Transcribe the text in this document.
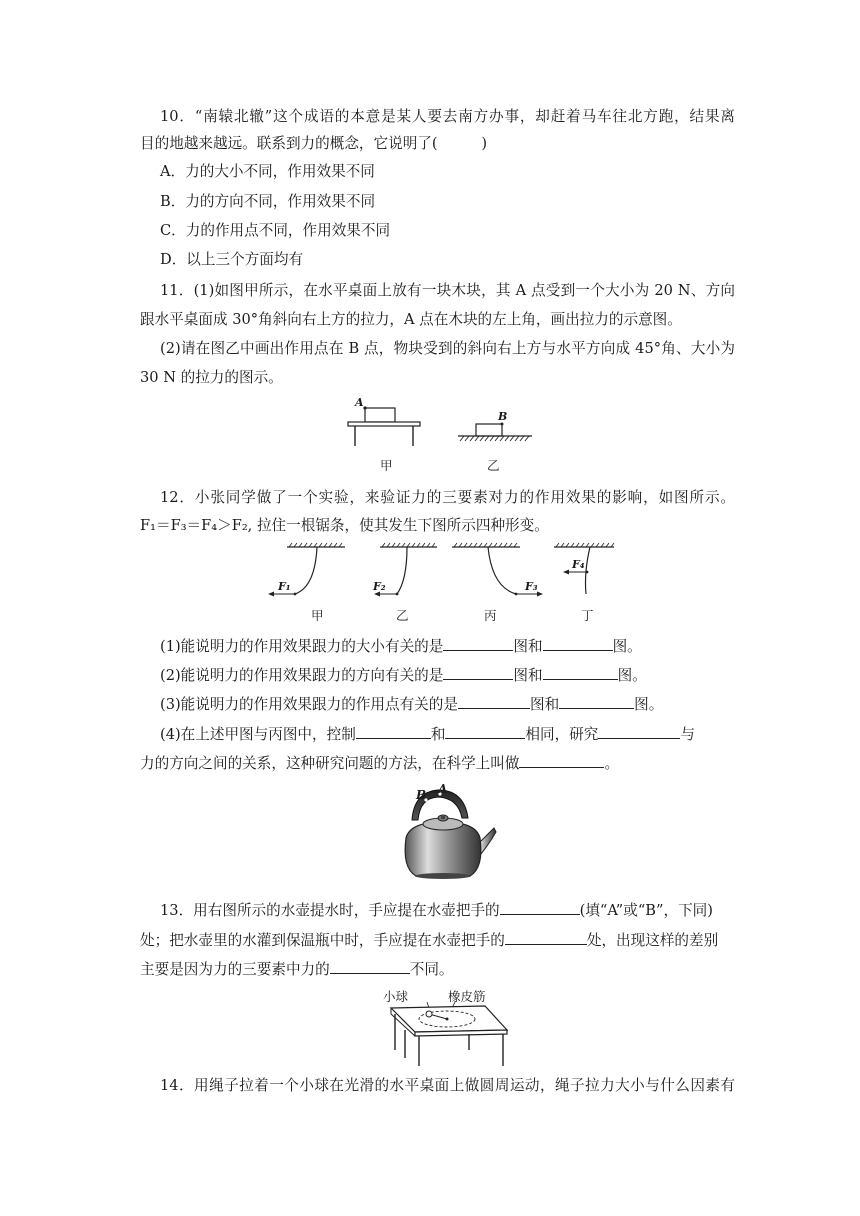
10．“南辕北辙”这个成语的本意是某人要去南方办事，却赶着马车往北方跑，结果离
目的地越来越远。联系到力的概念，它说明了(　　　)
A．力的大小不同，作用效果不同
B．力的方向不同，作用效果不同
C．力的作用点不同，作用效果不同
D．以上三个方面均有
11．(1)如图甲所示，在水平桌面上放有一块木块，其 A 点受到一个大小为 20 N、方向
跟水平桌面成 30°角斜向右上方的拉力，A 点在木块的左上角，画出拉力的示意图。
(2)请在图乙中画出作用点在 B 点，物块受到的斜向右上方与水平方向成 45°角、大小为
30 N 的拉力的图示。
A
B
甲	乙
12．小张同学做了一个实验，来验证力的三要素对力的作用效果的影响，如图所示。
F₁＝F₃＝F₄＞F₂, 拉住一根锯条，使其发生下图所示四种形变。
F₁	F₂	F₃
F₄
甲	乙	丙	丁
(1)能说明力的作用效果跟力的大小有关的是	图和	图。
(2)能说明力的作用效果跟力的方向有关的是	图和	图。
(3)能说明力的作用效果跟力的作用点有关的是	图和	图。
(4)在上述甲图与丙图中，控制	和	相同，研究	与
力的方向之间的关系，这种研究问题的方法，在科学上叫做	。
B A
13．用右图所示的水壶提水时，手应提在水壶把手的	(填“A”或“B”，下同)
处；把水壶里的水灌到保温瓶中时，手应提在水壶把手的	处，出现这样的差别
主要是因为力的三要素中力的	不同。
小球	橡皮筋
14．用绳子拉着一个小球在光滑的水平桌面上做圆周运动，绳子拉力大小与什么因素有
